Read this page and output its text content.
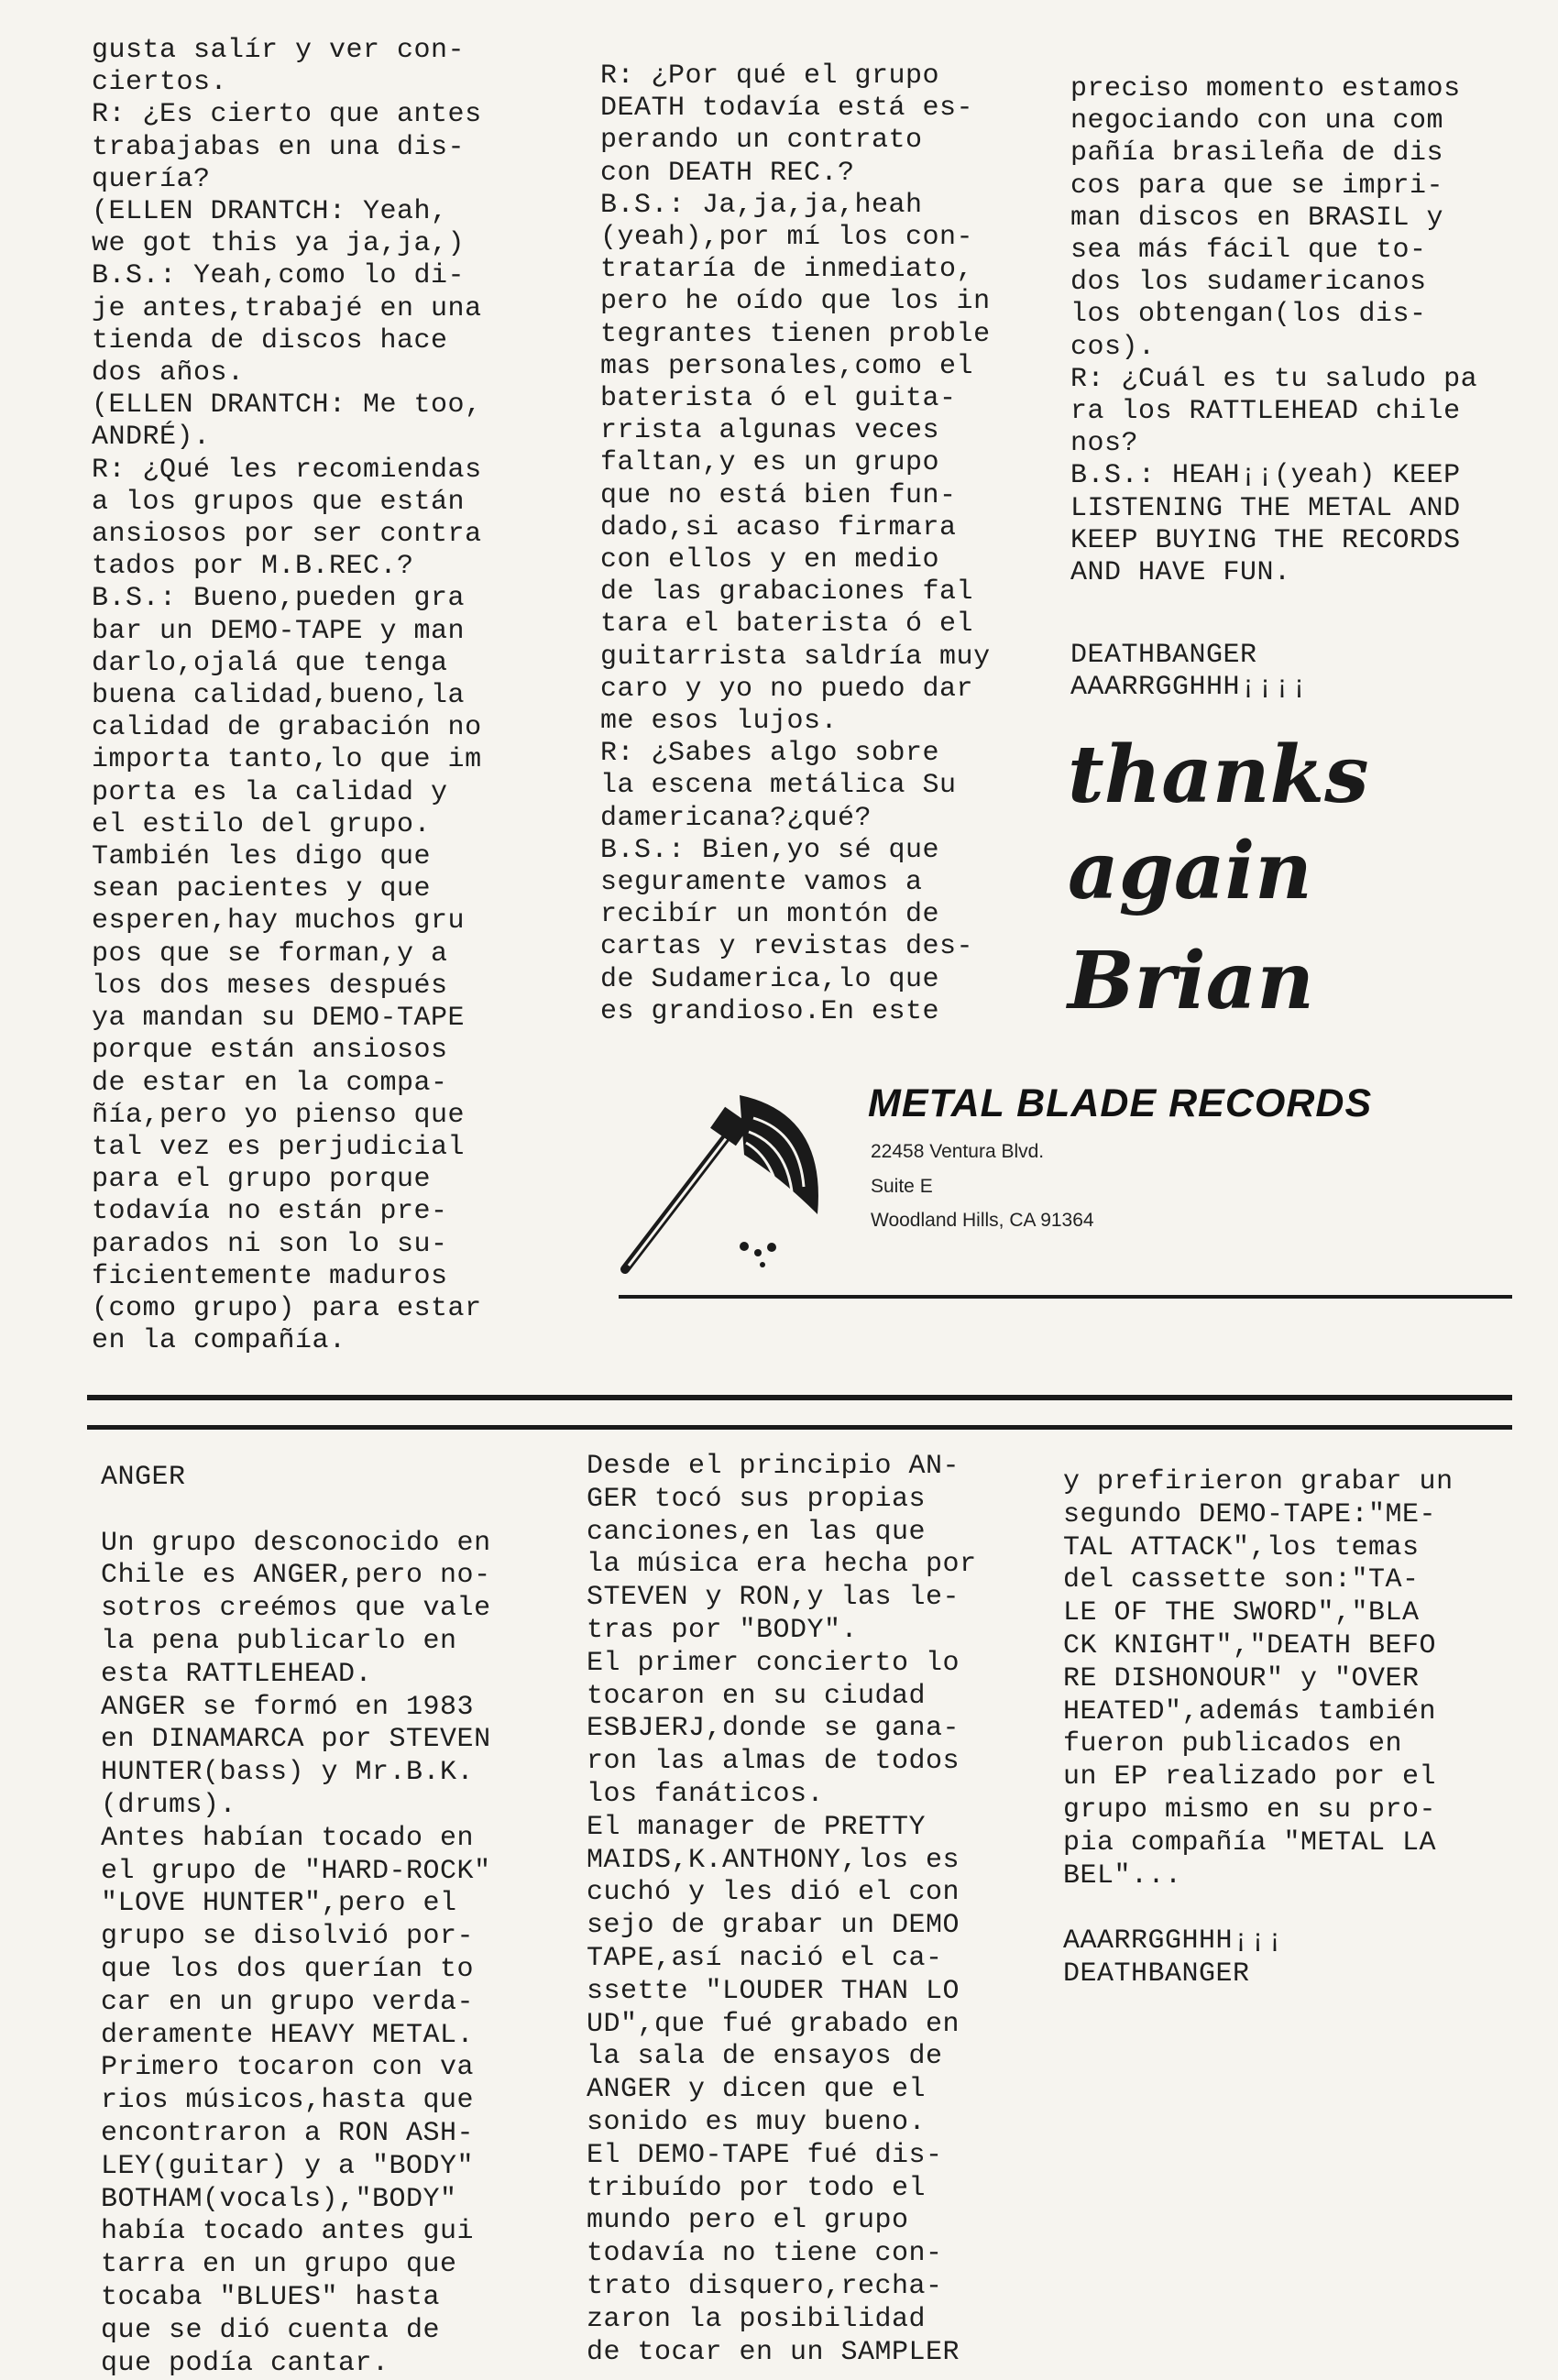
gusta salír y ver con-
ciertos.
R: ¿Es cierto que antes
trabajabas en una dis-
quería?
(ELLEN DRANTCH: Yeah,
we got this ya ja,ja,)
B.S.: Yeah,como lo di-
je antes,trabajé en una
tienda de discos hace
dos años.
(ELLEN DRANTCH: Me too,
ANDRÉ).
R: ¿Qué les recomiendas
a los grupos que están
ansiosos por ser contra
tados por M.B.REC.?
B.S.: Bueno,pueden gra
bar un DEMO-TAPE y man
darlo,ojalá que tenga
buena calidad,bueno,la
calidad de grabación no
importa tanto,lo que im
porta es la calidad y
el estilo del grupo.
También les digo que
sean pacientes y que
esperen,hay muchos gru
pos que se forman,y a
los dos meses después
ya mandan su DEMO-TAPE
porque están ansiosos
de estar en la compa-
ñía,pero yo pienso que
tal vez es perjudicial
para el grupo porque
todavía no están pre-
parados ni son lo su-
ficientemente maduros
(como grupo) para estar
en la compañía.
R: ¿Por qué el grupo
DEATH todavía está es-
perando un contrato
con DEATH REC.?
B.S.: Ja,ja,ja,heah
(yeah),por mí los con-
trataría de inmediato,
pero he oído que los in
tegrantes tienen proble
mas personales,como el
baterista ó el guita-
rrista algunas veces
faltan,y es un grupo
que no está bien fun-
dado,si acaso firmara
con ellos y en medio
de las grabaciones fal
tara el baterista ó el
guitarrista saldría muy
caro y yo no puedo dar
me esos lujos.
R: ¿Sabes algo sobre
la escena metálica Su
damericana?¿qué?
B.S.: Bien,yo sé que
seguramente vamos a
recibír un montón de
cartas y revistas des-
de Sudamerica,lo que
es grandioso.En este
preciso momento estamos
negociando con una com
pañía brasileña de dis
cos para que se impri-
man discos en BRASIL y
sea más fácil que to-
dos los sudamericanos
los obtengan(los dis-
cos).
R: ¿Cuál es tu saludo pa
ra los RATTLEHEAD chile
nos?
B.S.: HEAH¡¡(yeah) KEEP
LISTENING THE METAL AND
KEEP BUYING THE RECORDS
AND HAVE FUN.
DEATHBANGER
AAARRGGHHH¡¡¡¡
thanks
again
Brian
METAL BLADE RECORDS
22458 Ventura Blvd.
Suite E
Woodland Hills, CA 91364
ANGER

Un grupo desconocido en
Chile es ANGER,pero no-
sotros creémos que vale
la pena publicarlo en
esta RATTLEHEAD.
ANGER se formó en 1983
en DINAMARCA por STEVEN
HUNTER(bass) y Mr.B.K.
(drums).
Antes habían tocado en
el grupo de "HARD-ROCK"
"LOVE HUNTER",pero el
grupo se disolvió por-
que los dos querían to
car en un grupo verda-
deramente HEAVY METAL.
Primero tocaron con va
rios músicos,hasta que
encontraron a RON ASH-
LEY(guitar) y a "BODY"
BOTHAM(vocals),"BODY"
había tocado antes gui
tarra en un grupo que
tocaba "BLUES" hasta
que se dió cuenta de
que podía cantar.
Desde el principio AN-
GER tocó sus propias
canciones,en las que
la música era hecha por
STEVEN y RON,y las le-
tras por "BODY".
El primer concierto lo
tocaron en su ciudad
ESBJERJ,donde se gana-
ron las almas de todos
los fanáticos.
El manager de PRETTY
MAIDS,K.ANTHONY,los es
cuchó y les dió el con
sejo de grabar un DEMO
TAPE,así nació el ca-
ssette "LOUDER THAN LO
UD",que fué grabado en
la sala de ensayos de
ANGER y dicen que el
sonido es muy bueno.
El DEMO-TAPE fué dis-
tribuído por todo el
mundo pero el grupo
todavía no tiene con-
trato disquero,recha-
zaron la posibilidad
de tocar en un SAMPLER
y prefirieron grabar un
segundo DEMO-TAPE:"ME-
TAL ATTACK",los temas
del cassette son:"TA-
LE OF THE SWORD","BLA
CK KNIGHT","DEATH BEFO
RE DISHONOUR" y "OVER
HEATED",además también
fueron publicados en
un EP realizado por el
grupo mismo en su pro-
pia compañía "METAL LA
BEL"...

AAARRGGHHH¡¡¡
DEATHBANGER
